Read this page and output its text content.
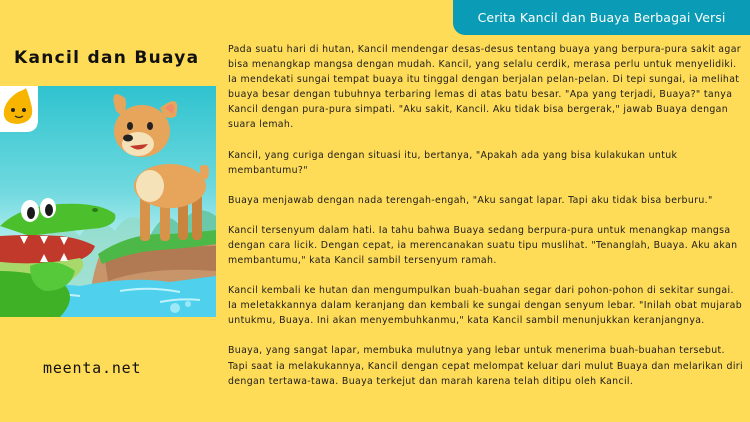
Cerita Kancil dan Buaya Berbagai Versi
Kancil dan Buaya
meenta.net

Pada suatu hari di hutan, Kancil mendengar desas-desus tentang buaya yang berpura-pura sakit agar bisa menangkap mangsa dengan mudah. Kancil, yang selalu cerdik, merasa perlu untuk menyelidiki. Ia mendekati sungai tempat buaya itu tinggal dengan berjalan pelan-pelan. Di tepi sungai, ia melihat buaya besar dengan tubuhnya terbaring lemas di atas batu besar. "Apa yang terjadi, Buaya?" tanya Kancil dengan pura-pura simpati. "Aku sakit, Kancil. Aku tidak bisa bergerak," jawab Buaya dengan suara lemah.

Kancil, yang curiga dengan situasi itu, bertanya, "Apakah ada yang bisa kulakukan untuk membantumu?"

Buaya menjawab dengan nada terengah-engah, "Aku sangat lapar. Tapi aku tidak bisa berburu."

Kancil tersenyum dalam hati. Ia tahu bahwa Buaya sedang berpura-pura untuk menangkap mangsa dengan cara licik. Dengan cepat, ia merencanakan suatu tipu muslihat. "Tenanglah, Buaya. Aku akan membantumu," kata Kancil sambil tersenyum ramah.

Kancil kembali ke hutan dan mengumpulkan buah-buahan segar dari pohon-pohon di sekitar sungai. Ia meletakkannya dalam keranjang dan kembali ke sungai dengan senyum lebar. "Inilah obat mujarab untukmu, Buaya. Ini akan menyembuhkanmu," kata Kancil sambil menunjukkan keranjangnya.

Buaya, yang sangat lapar, membuka mulutnya yang lebar untuk menerima buah-buahan tersebut. Tapi saat ia melakukannya, Kancil dengan cepat melompat keluar dari mulut Buaya dan melarikan diri dengan tertawa-tawa. Buaya terkejut dan marah karena telah ditipu oleh Kancil.
